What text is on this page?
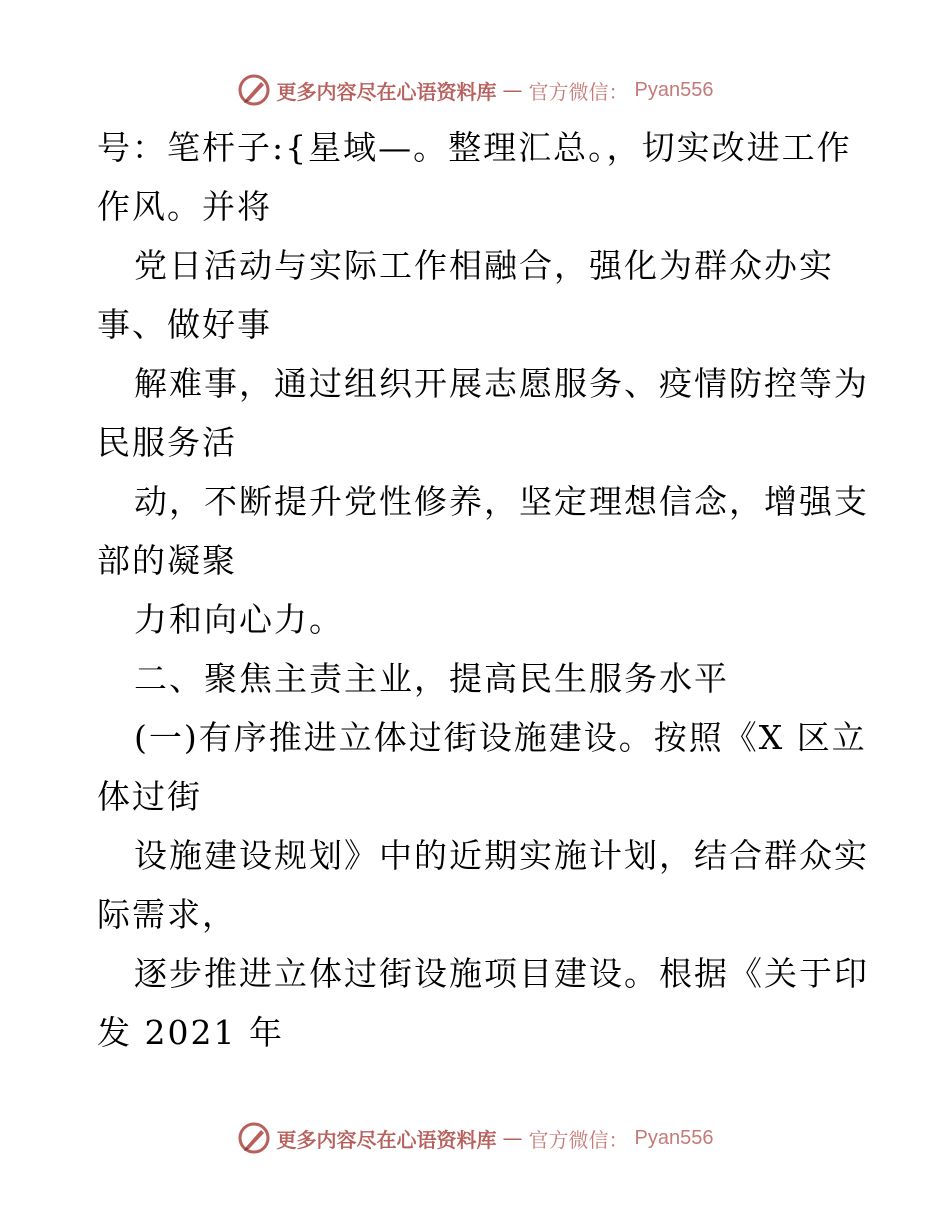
更多内容尽在心语资料库 — 官方微信： Pyan556
号：笔杆子:{星域—。整理汇总。，切实改进工作
作风。并将
党日活动与实际工作相融合，强化为群众办实
事、做好事
解难事，通过组织开展志愿服务、疫情防控等为
民服务活
动，不断提升党性修养，坚定理想信念，增强支
部的凝聚
力和向心力。
二、聚焦主责主业，提高民生服务水平
(一)有序推进立体过街设施建设。按照《X 区立
体过街
设施建设规划》中的近期实施计划，结合群众实
际需求，
逐步推进立体过街设施项目建设。根据《关于印
发 2021 年
更多内容尽在心语资料库 — 官方微信： Pyan556
